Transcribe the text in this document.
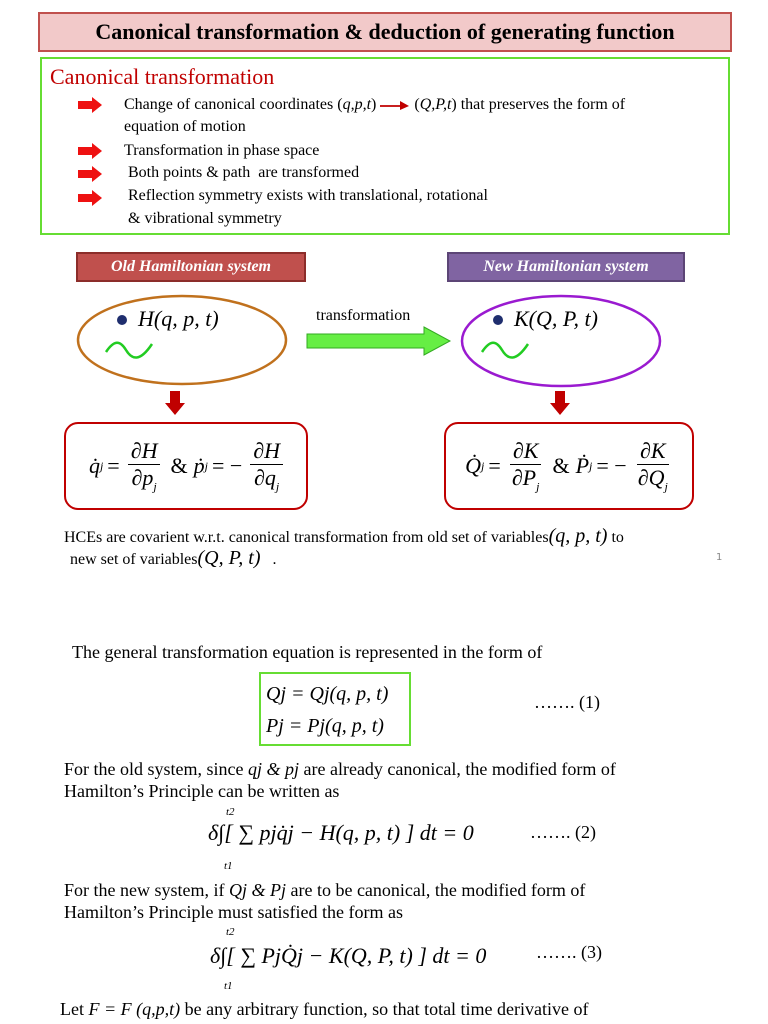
Canonical transformation & deduction of generating function
Canonical transformation
Change of canonical coordinates (q,p,t) (Q,P,t) that preserves the form of
equation of motion
Transformation in phase space
Both points & path  are transformed
Reflection symmetry exists with translational, rotational
& vibrational symmetry
Old Hamiltonian system	New Hamiltonian system
H(q, p, t)	K(Q, P, t)
transformation
q̇ $j = \frac{\partial H}{\partial p_j}$ & ṗ j = − $\frac{\partial H}{\partial q_j}$	Q̇ $j = \frac{\partial K}{\partial P_j}$ & Ṗ j = − $\frac{\partial K}{\partial Q_j}$
HCEs are covarient w.r.t. canonical transformation from old set of variables(q, p, t) to
new set of variables(Q, P, t) .	1
The general transformation equation is represented in the form of
Qj = Qj(q, p, t)
Pj = Pj(q, p, t)
……. (1)
For the old system, since qj & pj are already canonical, the modified form of
Hamilton’s Principle can be written as
t2
t1
δ∫[ ∑ pjq̇j − H(q, p, t) ] dt = 0	……. (2)
For the new system, if Qj & Pj are to be canonical, the modified form of
Hamilton’s Principle must satisfied the form as
t2
t1
δ∫[ ∑ PjQ̇j − K(Q, P, t) ] dt = 0	……. (3)
Let F = F (q,p,t) be any arbitrary function, so that total time derivative of
